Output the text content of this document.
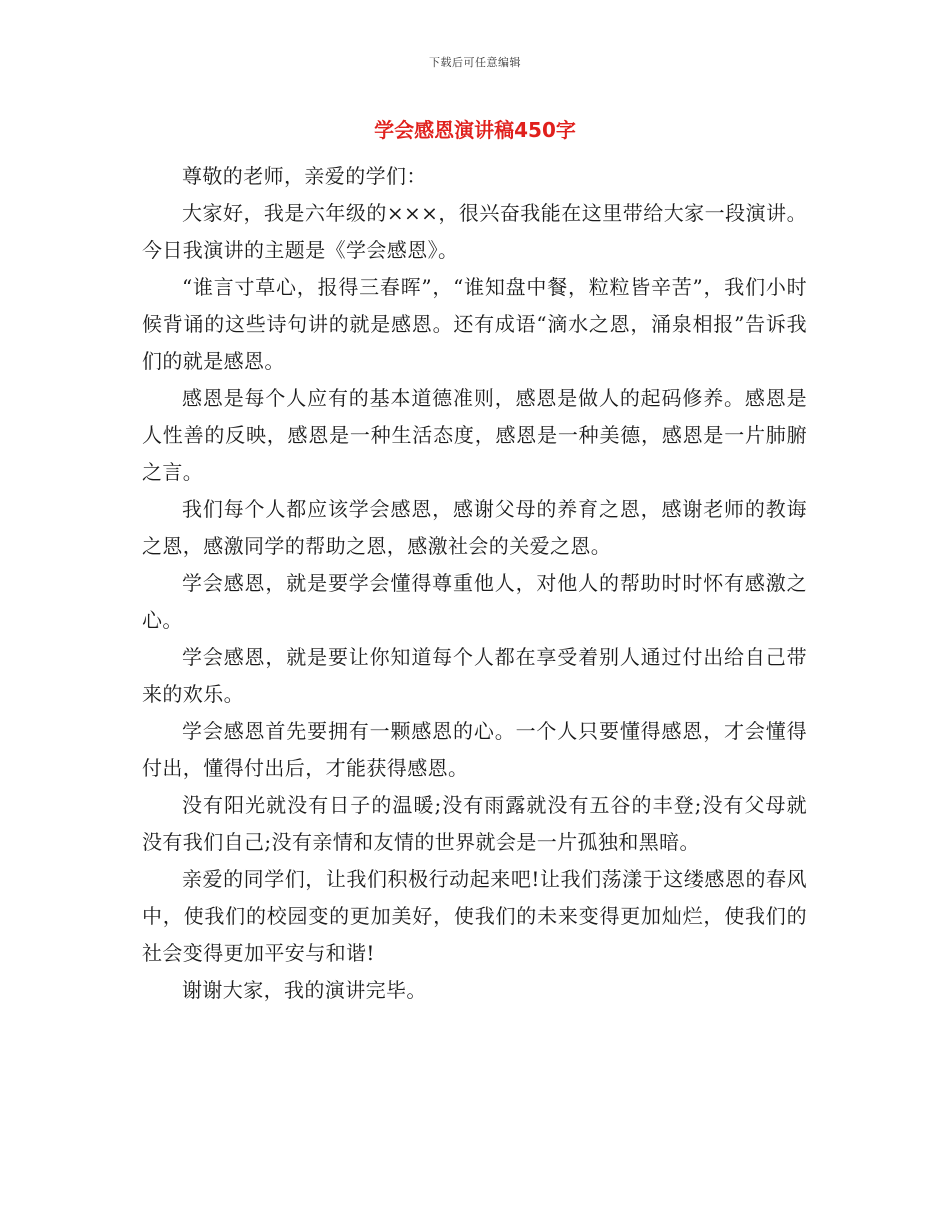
下载后可任意编辑
学会感恩演讲稿450字

尊敬的老师，亲爱的学们：

大家好，我是六年级的×××，很兴奋我能在这里带给大家一段演讲。今日我演讲的主题是《学会感恩》。

“谁言寸草心，报得三春晖”，“谁知盘中餐，粒粒皆辛苦”，我们小时候背诵的这些诗句讲的就是感恩。还有成语“滴水之恩，涌泉相报”告诉我们的就是感恩。

感恩是每个人应有的基本道德准则，感恩是做人的起码修养。感恩是人性善的反映，感恩是一种生活态度，感恩是一种美德，感恩是一片肺腑之言。

我们每个人都应该学会感恩，感谢父母的养育之恩，感谢老师的教诲之恩，感激同学的帮助之恩，感激社会的关爱之恩。

学会感恩，就是要学会懂得尊重他人，对他人的帮助时时怀有感激之心。

学会感恩，就是要让你知道每个人都在享受着别人通过付出给自己带来的欢乐。

学会感恩首先要拥有一颗感恩的心。一个人只要懂得感恩，才会懂得付出，懂得付出后，才能获得感恩。

没有阳光就没有日子的温暖;没有雨露就没有五谷的丰登;没有父母就没有我们自己;没有亲情和友情的世界就会是一片孤独和黑暗。

亲爱的同学们，让我们积极行动起来吧!让我们荡漾于这缕感恩的春风中，使我们的校园变的更加美好，使我们的未来变得更加灿烂，使我们的社会变得更加平安与和谐!

谢谢大家，我的演讲完毕。
